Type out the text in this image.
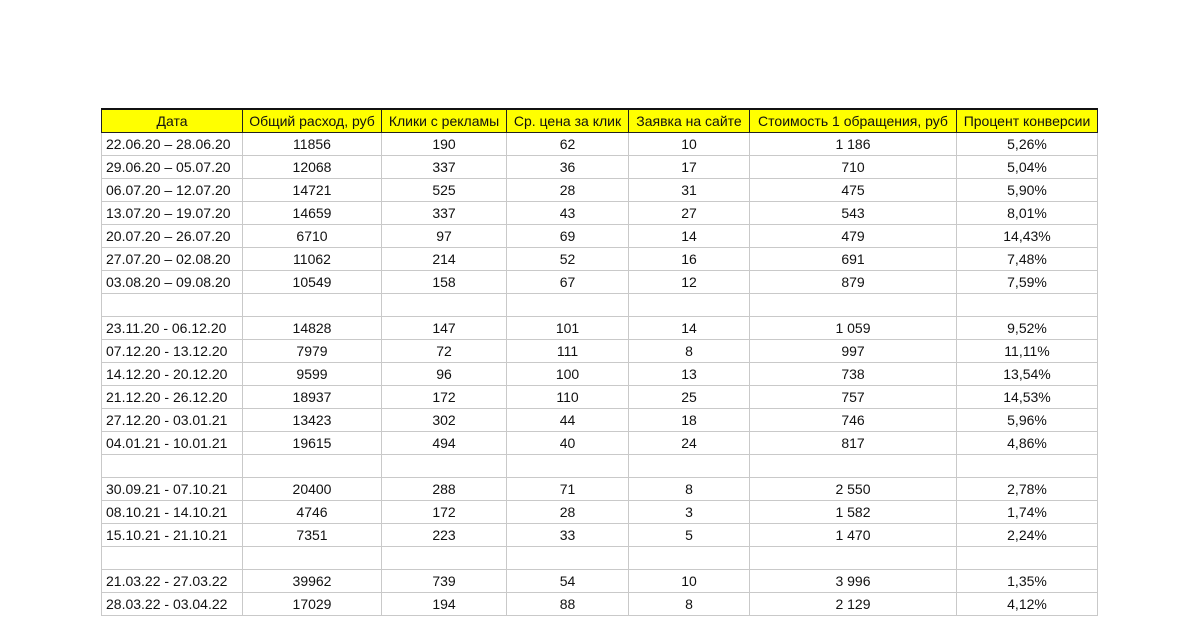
Дата	Общий расход, руб	Клики с рекламы	Ср. цена за клик	Заявка на сайте	Стоимость 1 обращения, руб	Процент конверсии
22.06.20 – 28.06.20	11856	190	62	10	1 186	5,26%
29.06.20 – 05.07.20	12068	337	36	17	710	5,04%
06.07.20 – 12.07.20	14721	525	28	31	475	5,90%
13.07.20 – 19.07.20	14659	337	43	27	543	8,01%
20.07.20 – 26.07.20	6710	97	69	14	479	14,43%
27.07.20 – 02.08.20	11062	214	52	16	691	7,48%
03.08.20 – 09.08.20	10549	158	67	12	879	7,59%

23.11.20 - 06.12.20	14828	147	101	14	1 059	9,52%
07.12.20 - 13.12.20	7979	72	111	8	997	11,11%
14.12.20 - 20.12.20	9599	96	100	13	738	13,54%
21.12.20 - 26.12.20	18937	172	110	25	757	14,53%
27.12.20 - 03.01.21	13423	302	44	18	746	5,96%
04.01.21 - 10.01.21	19615	494	40	24	817	4,86%

30.09.21 - 07.10.21	20400	288	71	8	2 550	2,78%
08.10.21 - 14.10.21	4746	172	28	3	1 582	1,74%
15.10.21 - 21.10.21	7351	223	33	5	1 470	2,24%

21.03.22 - 27.03.22	39962	739	54	10	3 996	1,35%
28.03.22 - 03.04.22	17029	194	88	8	2 129	4,12%
